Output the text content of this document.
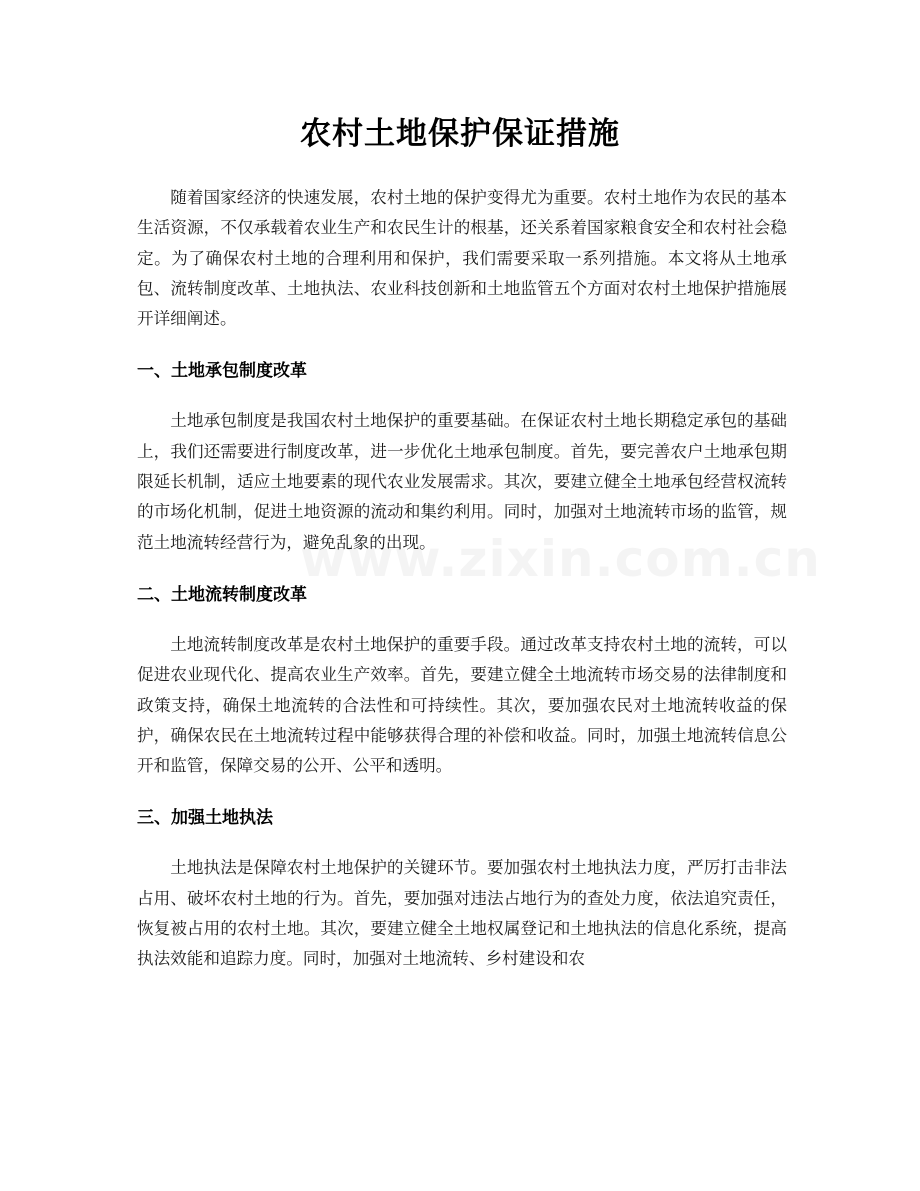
农村土地保护保证措施

随着国家经济的快速发展，农村土地的保护变得尤为重要。农村土地作为农民的基本生活资源，不仅承载着农业生产和农民生计的根基，还关系着国家粮食安全和农村社会稳定。为了确保农村土地的合理利用和保护，我们需要采取一系列措施。本文将从土地承包、流转制度改革、土地执法、农业科技创新和土地监管五个方面对农村土地保护措施展开详细阐述。

一、土地承包制度改革

土地承包制度是我国农村土地保护的重要基础。在保证农村土地长期稳定承包的基础上，我们还需要进行制度改革，进一步优化土地承包制度。首先，要完善农户土地承包期限延长机制，适应土地要素的现代农业发展需求。其次，要建立健全土地承包经营权流转的市场化机制，促进土地资源的流动和集约利用。同时，加强对土地流转市场的监管，规范土地流转经营行为，避免乱象的出现。

二、土地流转制度改革

土地流转制度改革是农村土地保护的重要手段。通过改革支持农村土地的流转，可以促进农业现代化、提高农业生产效率。首先，要建立健全土地流转市场交易的法律制度和政策支持，确保土地流转的合法性和可持续性。其次，要加强农民对土地流转收益的保护，确保农民在土地流转过程中能够获得合理的补偿和收益。同时，加强土地流转信息公开和监管，保障交易的公开、公平和透明。

三、加强土地执法

土地执法是保障农村土地保护的关键环节。要加强农村土地执法力度，严厉打击非法占用、破坏农村土地的行为。首先，要加强对违法占地行为的查处力度，依法追究责任，恢复被占用的农村土地。其次，要建立健全土地权属登记和土地执法的信息化系统，提高执法效能和追踪力度。同时，加强对土地流转、乡村建设和农
